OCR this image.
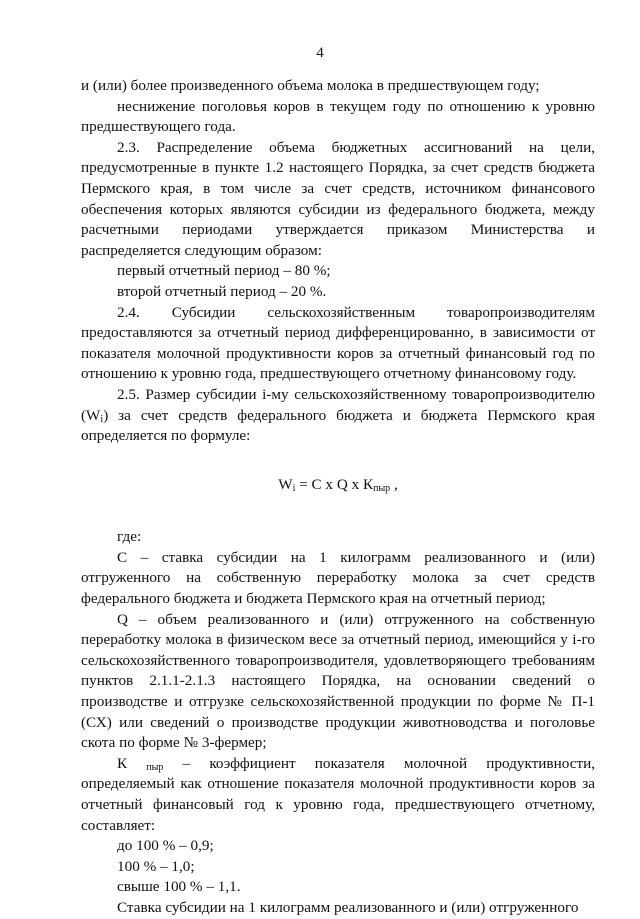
4

и (или) более произведенного объема молока в предшествующем году;

неснижение поголовья коров в текущем году по отношению к уровню предшествующего года.

2.3. Распределение объема бюджетных ассигнований на цели, предусмотренные в пункте 1.2 настоящего Порядка, за счет средств бюджета Пермского края, в том числе за счет средств, источником финансового обеспечения которых являются субсидии из федерального бюджета, между расчетными периодами утверждается приказом Министерства и распределяется следующим образом:

первый отчетный период – 80 %;

второй отчетный период – 20 %.

2.4. Субсидии сельскохозяйственным товаропроизводителям предоставляются за отчетный период дифференцированно, в зависимости от показателя молочной продуктивности коров за отчетный финансовый год по отношению к уровню года, предшествующего отчетному финансовому году.

2.5. Размер субсидии i-му сельскохозяйственному товаропроизводителю $(W_i)$ за счет средств федерального бюджета и бюджета Пермского края определяется по формуле:

$W_i = С$ x Q x $К_{пыр}$ ,

где:

С – ставка субсидии на 1 килограмм реализованного и (или) отгруженного на собственную переработку молока за счет средств федерального бюджета и бюджета Пермского края на отчетный период;

Q – объем реализованного и (или) отгруженного на собственную переработку молока в физическом весе за отчетный период, имеющийся у i-го сельскохозяйственного товаропроизводителя, удовлетворяющего требованиям пунктов 2.1.1-2.1.3 настоящего Порядка, на основании сведений о производстве и отгрузке сельскохозяйственной продукции по форме № П-1 (СХ) или сведений о производстве продукции животноводства и поголовье скота по форме № 3-фермер;

К $_{пыр}$ – коэффициент показателя молочной продуктивности, определяемый как отношение показателя молочной продуктивности коров за отчетный финансовый год к уровню года, предшествующего отчетному, составляет:

до 100 % – 0,9;

100 % – 1,0;

свыше 100 % – 1,1.

Ставка субсидии на 1 килограмм реализованного и (или) отгруженного
